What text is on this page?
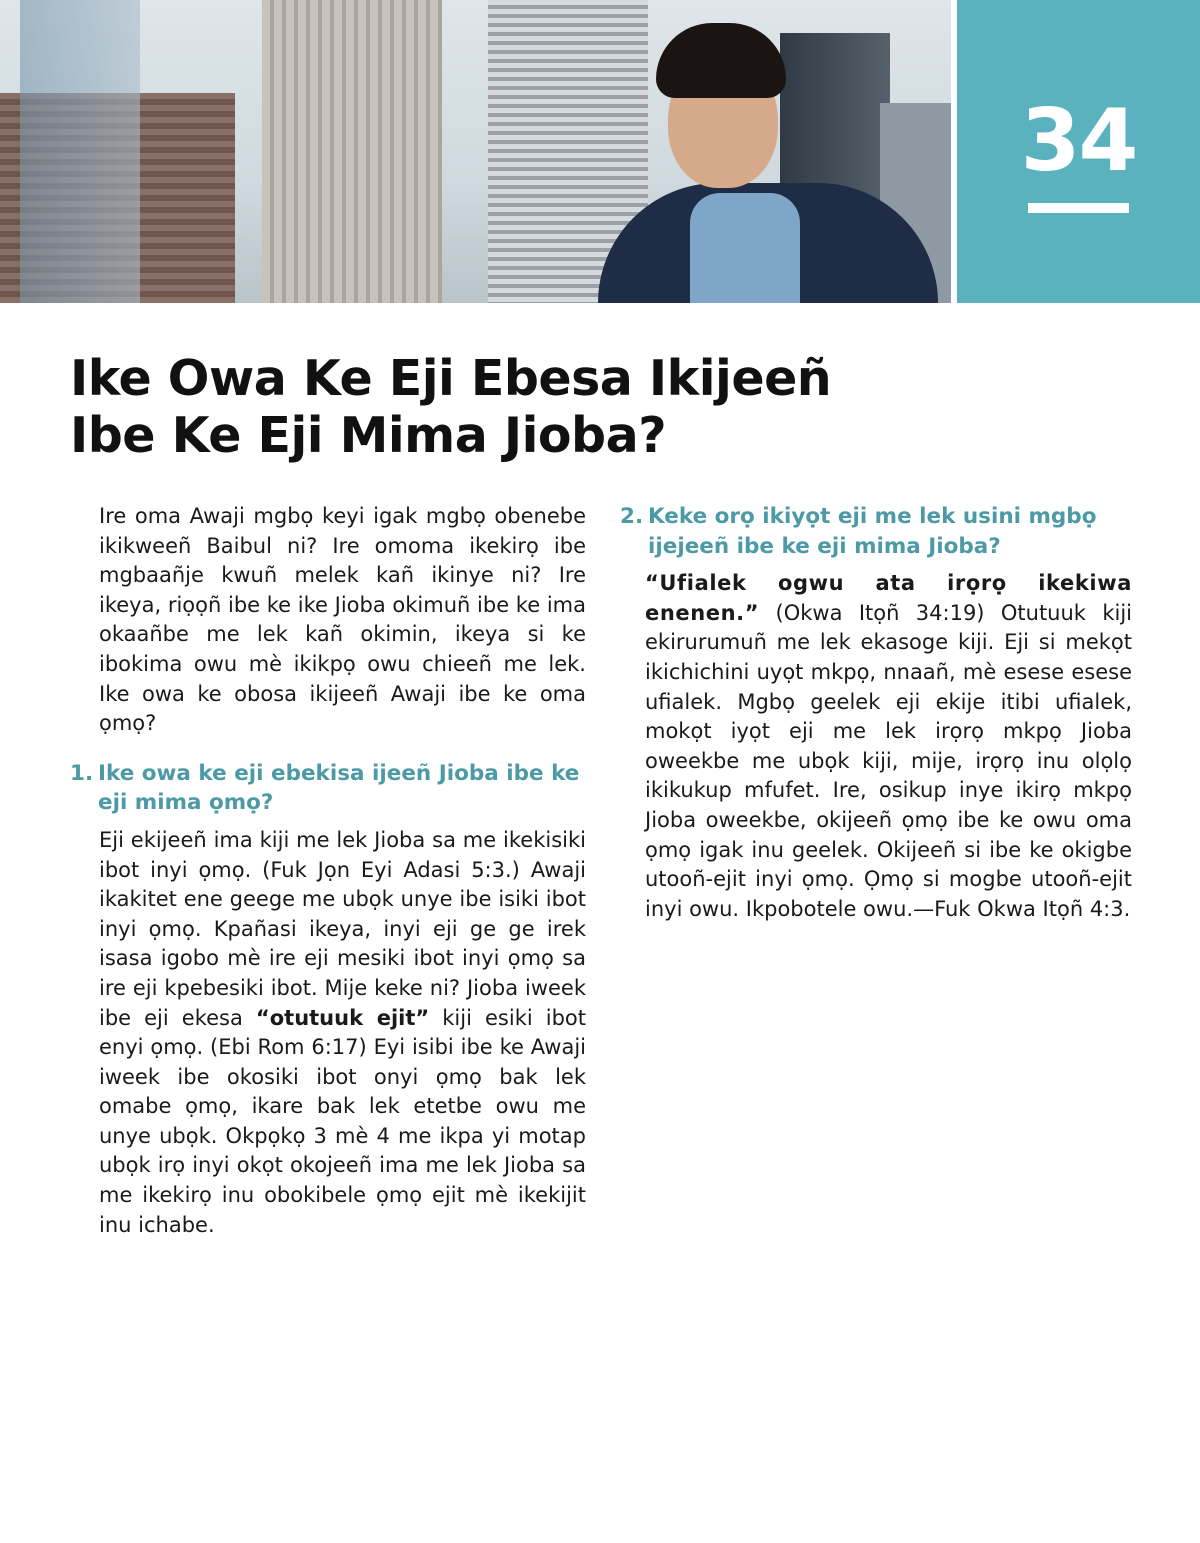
34
Ike Owa Ke Eji Ebesa Ikijeeñ
Ibe Ke Eji Mima Jioba?

Ire oma Awaji mgbọ keyi igak mgbọ obenebe ikikweeñ Baibul ni? Ire omoma ikekirọ ibe mgbaañje kwuñ melek kañ ikinye ni? Ire ikeya, riọọñ ibe ke ike Jioba okimuñ ibe ke ima okaañbe me lek kañ okimin, ikeya si ke ibokima owu mè ikikpọ owu chieeñ me lek. Ike owa ke obosa ikijeeñ Awaji ibe ke oma ọmọ?

1. Ike owa ke eji ebekisa ijeeñ Jioba ibe ke eji mima ọmọ?

Eji ekijeeñ ima kiji me lek Jioba sa me ikekisiki ibot inyi ọmọ. (Fuk Jọn Eyi Adasi 5:3.) Awaji ikakitet ene geege me ubọk unye ibe isiki ibot inyi ọmọ. Kpañasi ikeya, inyi eji ge ge irek isasa igobo mè ire eji mesiki ibot inyi ọmọ sa ire eji kpebesiki ibot. Mije keke ni? Jioba iweek ibe eji ekesa “otutuuk ejit” kiji esiki ibot enyi ọmọ. (Ebi Rom 6:17) Eyi isibi ibe ke Awaji iweek ibe okosiki ibot onyi ọmọ bak lek omabe ọmọ, ikare bak lek etetbe owu me unye ubọk. Okpọkọ 3 mè 4 me ikpa yi motap ubọk irọ inyi okọt okojeeñ ima me lek Jioba sa me ikekirọ inu obokibele ọmọ ejit mè ikekijit inu ichabe.

2. Keke orọ ikiyọt eji me lek usini mgbọ ijejeeñ ibe ke eji mima Jioba?

“Ufialek ogwu ata irọrọ ikekiwa enenen.” (Okwa Itọñ 34:19) Otutuuk kiji ekirurumuñ me lek ekasoge kiji. Eji si mekọt ikichichini uyọt mkpọ, nnaañ, mè esese esese ufialek. Mgbọ geelek eji ekije itibi ufialek, mokọt iyọt eji me lek irọrọ mkpọ Jioba oweekbe me ubọk kiji, mije, irọrọ inu olọlọ ikikukup mfufet. Ire, osikup inye ikirọ mkpọ Jioba oweekbe, okijeeñ ọmọ ibe ke owu oma ọmọ igak inu geelek. Okijeeñ si ibe ke okigbe utooñ-ejit inyi ọmọ. Ọmọ si mogbe utooñ-ejit inyi owu. Ikpobotele owu.—Fuk Okwa Itọñ 4:3.
